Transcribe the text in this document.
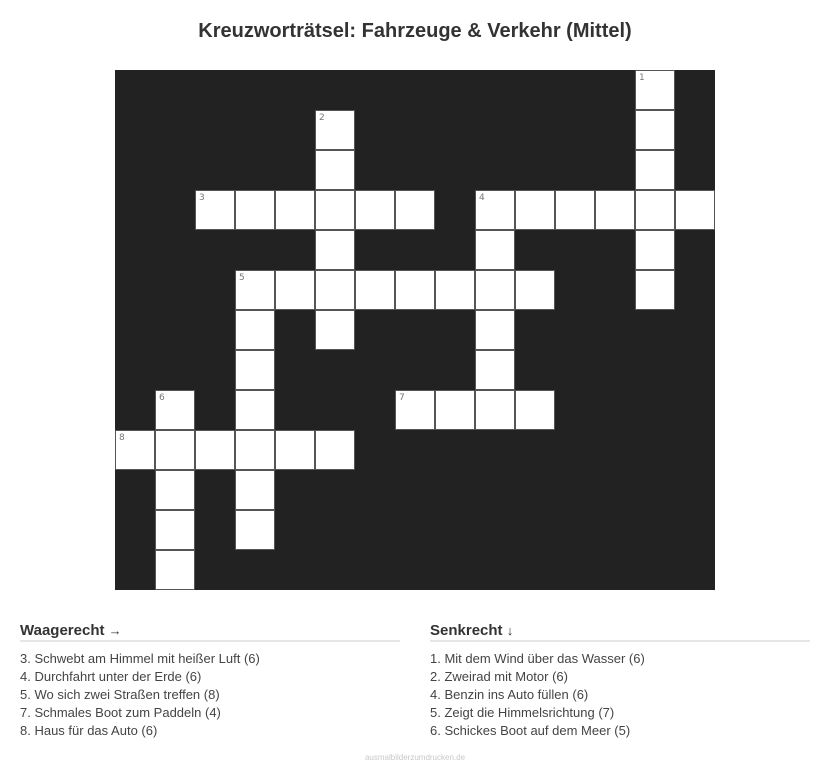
Kreuzworträtsel: Fahrzeuge & Verkehr (Mittel)
1
2
3	4
5
6	7
8
Waagerecht →
3. Schwebt am Himmel mit heißer Luft (6)
4. Durchfahrt unter der Erde (6)
5. Wo sich zwei Straßen treffen (8)
7. Schmales Boot zum Paddeln (4)
8. Haus für das Auto (6)
Senkrecht ↓
1. Mit dem Wind über das Wasser (6)
2. Zweirad mit Motor (6)
4. Benzin ins Auto füllen (6)
5. Zeigt die Himmelsrichtung (7)
6. Schickes Boot auf dem Meer (5)
ausmalbilderzumdrucken.de
